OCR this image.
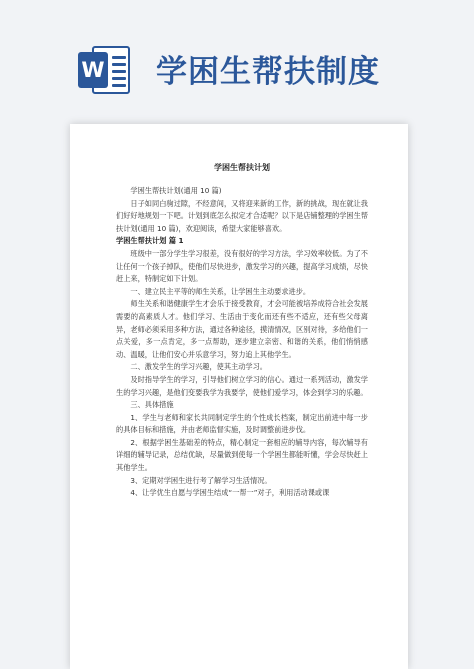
W 学困生帮扶制度
学困生帮扶计划

学困生帮扶计划(通用 10 篇)

日子如同白驹过隙，不经意间，又将迎来新的工作，新的挑战，现在就让我们好好地规划一下吧。计划到底怎么拟定才合适呢？以下是店铺整理的学困生帮扶计划(通用 10 篇)，欢迎阅读，希望大家能够喜欢。

学困生帮扶计划 篇 1

班级中一部分学生学习很差，没有很好的学习方法，学习效率较低。为了不让任何一个孩子掉队，使他们尽快进步，激发学习的兴趣，提高学习成绩，尽快赶上来，特制定如下计划。

一、建立民主平等的师生关系，让学困生主动要求进步。

师生关系和谐健康学生才会乐于接受教育，才会可能被培养成符合社会发展需要的高素质人才。他们学习、生活由于变化而还有些不适应，还有些父母离异，老师必须采用多种方法，通过各种途径，摸清情况，区别对待，多给他们一点关爱，多一点肯定，多一点帮助，逐步建立亲密、和谐的关系，他们悄悄感动、温暖，让他们安心并乐意学习，努力追上其他学生。

二、激发学生的学习兴趣，使其主动学习。

及时指导学生的学习，引导他们树立学习的信心。通过一系列活动，激发学生的学习兴趣，是他们变要我学为我要学，使他们爱学习，体会到学习的乐趣。

三、具体措施

1、学生与老师和家长共同制定学生的个性成长档案，制定出前进中每一步的具体目标和措施，并由老师监督实施，及时调整前进步伐。

2、根据学困生基础差的特点，精心制定一套相应的辅导内容，每次辅导有详细的辅导记录，总结优缺，尽量做到使每一个学困生都能听懂，学会尽快赶上其他学生。

3、定期对学困生进行考了解学习生活情况。

4、让学优生自愿与学困生结成“一帮一”对子，利用活动课或课
